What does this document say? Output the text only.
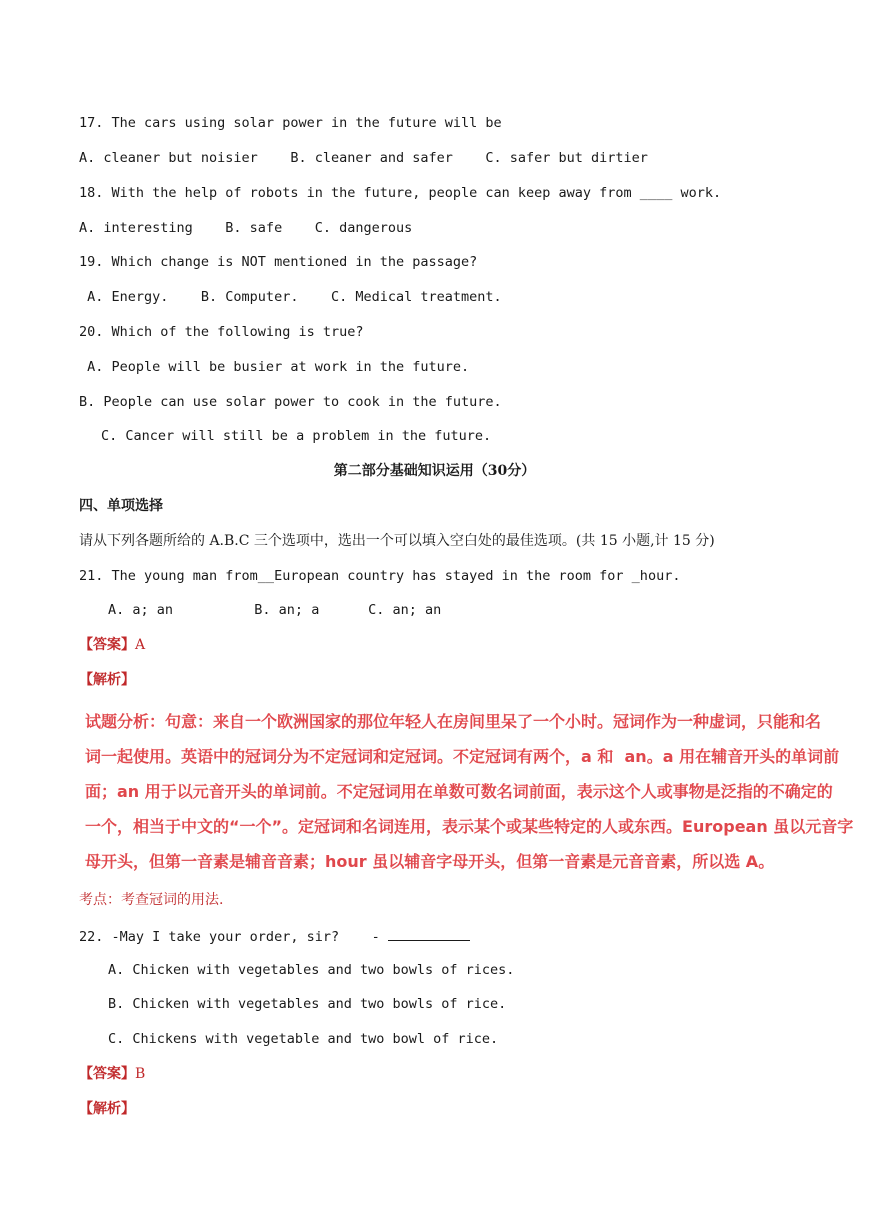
17. The cars using solar power in the future will be
A. cleaner but noisier    B. cleaner and safer    C. safer but dirtier
18. With the help of robots in the future, people can keep away from ____ work.
A. interesting    B. safe    C. dangerous
19. Which change is NOT mentioned in the passage?
A. Energy.    B. Computer.    C. Medical treatment.
20. Which of the following is true?
A. People will be busier at work in the future.
B. People can use solar power to cook in the future.
C. Cancer will still be a problem in the future.
第二部分基础知识运用（30分）
四、单项选择
请从下列各题所给的 A.B.C 三个选项中，选出一个可以填入空白处的最佳选项。(共 15 小题,计 15 分)
21. The young man from__European country has stayed in the room for _hour.
A. a; an          B. an; a      C. an; an
【答案】A
【解析】
试题分析：句意：来自一个欧洲国家的那位年轻人在房间里呆了一个小时。冠词作为一种虚词，只能和名
词一起使用。英语中的冠词分为不定冠词和定冠词。不定冠词有两个，a 和  an。a 用在辅音开头的单词前
面；an 用于以元音开头的单词前。不定冠词用在单数可数名词前面，表示这个人或事物是泛指的不确定的
一个，相当于中文的“一个”。定冠词和名词连用，表示某个或某些特定的人或东西。European 虽以元音字
母开头，但第一音素是辅音音素；hour 虽以辅音字母开头，但第一音素是元音音素，所以选 A。
考点：考查冠词的用法.
22. -May I take your order, sir?    -
A. Chicken with vegetables and two bowls of rices.
B. Chicken with vegetables and two bowls of rice.
C. Chickens with vegetable and two bowl of rice.
【答案】B
【解析】
